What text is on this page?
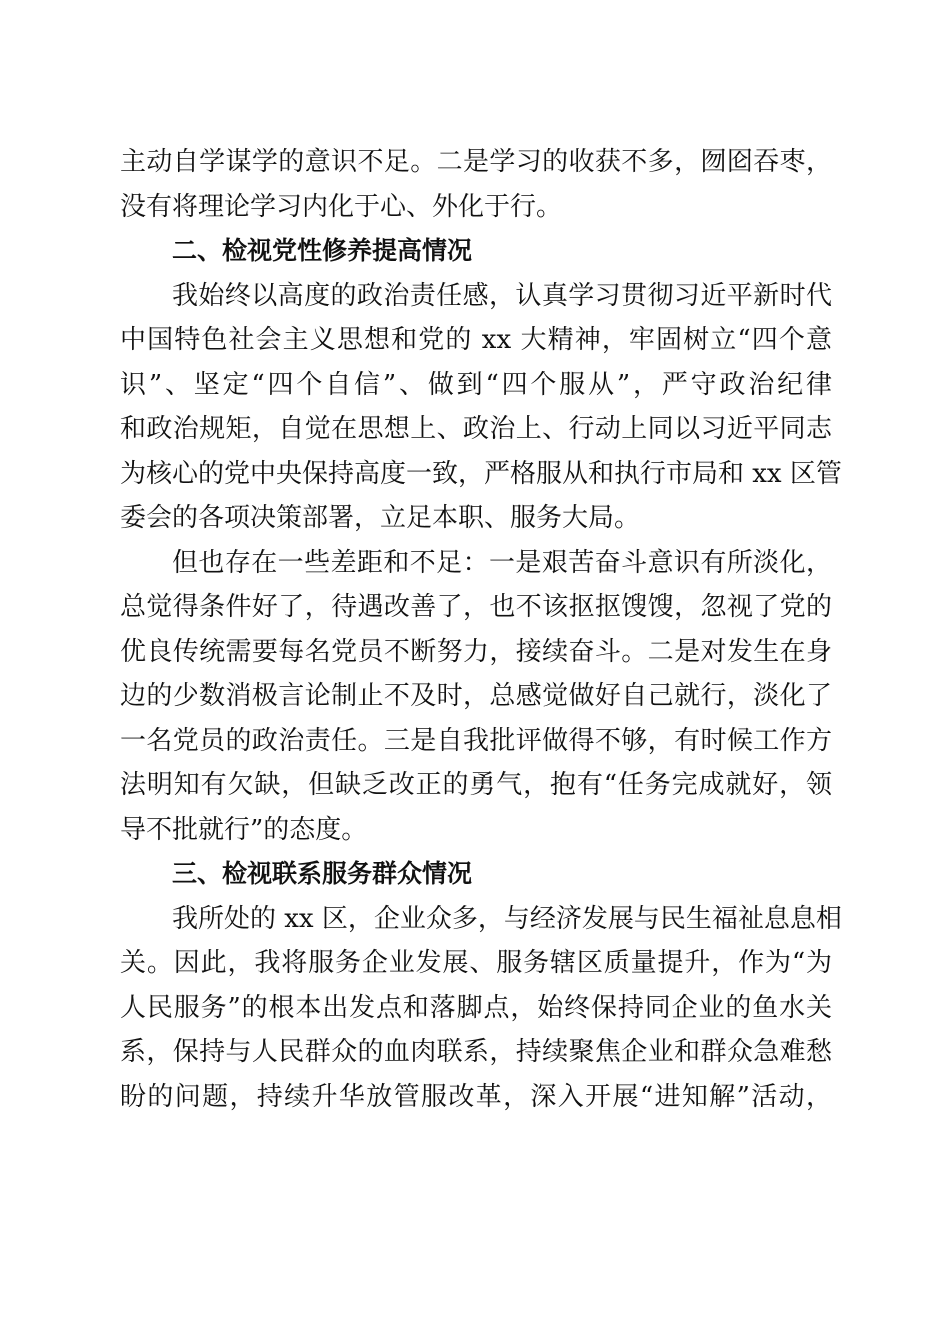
主动自学谋学的意识不足。二是学习的收获不多，囫囵吞枣，
没有将理论学习内化于心、外化于行。
二、检视党性修养提高情况
我始终以高度的政治责任感，认真学习贯彻习近平新时代
中国特色社会主义思想和党的 xx 大精神，牢固树立“四个意
识”、坚定“四个自信”、做到“四个服从”，严守政治纪律
和政治规矩，自觉在思想上、政治上、行动上同以习近平同志
为核心的党中央保持高度一致，严格服从和执行市局和 xx 区管
委会的各项决策部署，立足本职、服务大局。
但也存在一些差距和不足：一是艰苦奋斗意识有所淡化，
总觉得条件好了，待遇改善了，也不该抠抠馊馊，忽视了党的
优良传统需要每名党员不断努力，接续奋斗。二是对发生在身
边的少数消极言论制止不及时，总感觉做好自己就行，淡化了
一名党员的政治责任。三是自我批评做得不够，有时候工作方
法明知有欠缺，但缺乏改正的勇气，抱有“任务完成就好，领
导不批就行”的态度。
三、检视联系服务群众情况
我所处的 xx 区，企业众多，与经济发展与民生福祉息息相
关。因此，我将服务企业发展、服务辖区质量提升，作为“为
人民服务”的根本出发点和落脚点，始终保持同企业的鱼水关
系，保持与人民群众的血肉联系，持续聚焦企业和群众急难愁
盼的问题，持续升华放管服改革，深入开展“进知解”活动，
